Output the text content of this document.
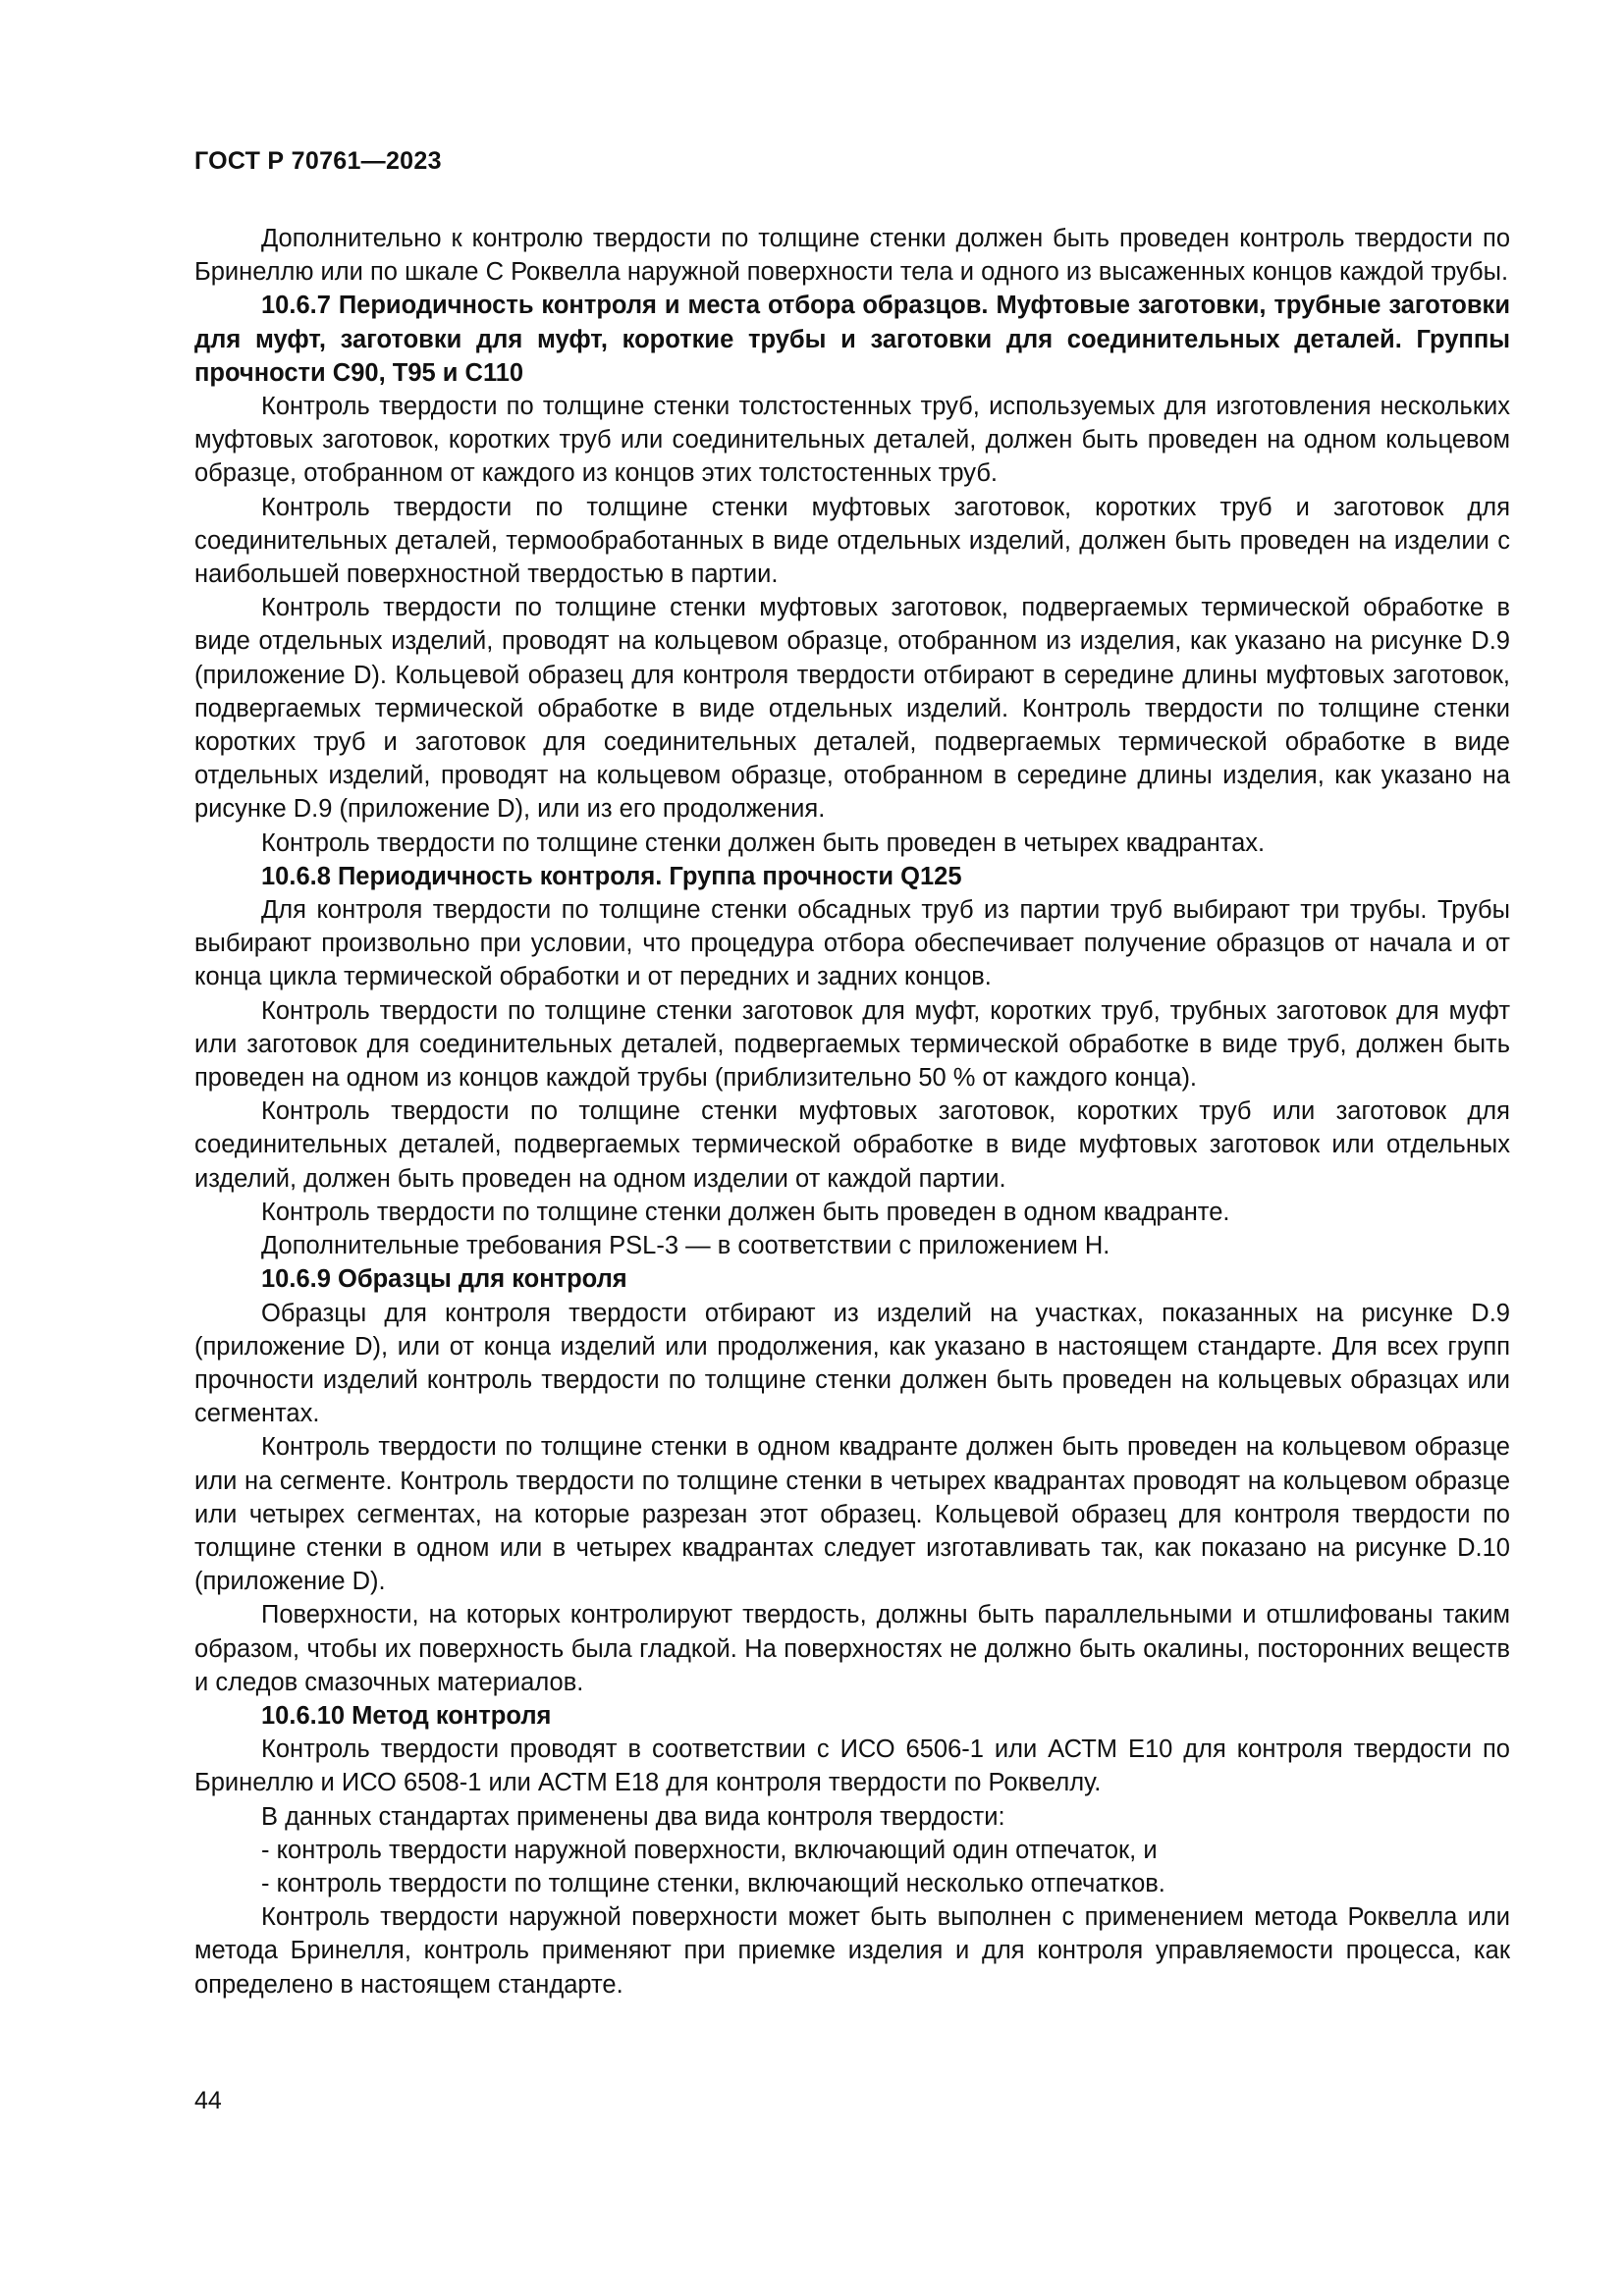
ГОСТ Р 70761—2023

Дополнительно к контролю твердости по толщине стенки должен быть проведен контроль твердости по Бринеллю или по шкале С Роквелла наружной поверхности тела и одного из высаженных концов каждой трубы.

10.6.7 Периодичность контроля и места отбора образцов. Муфтовые заготовки, трубные заготовки для муфт, заготовки для муфт, короткие трубы и заготовки для соединительных деталей. Группы прочности С90, Т95 и С110

Контроль твердости по толщине стенки толстостенных труб, используемых для изготовления нескольких муфтовых заготовок, коротких труб или соединительных деталей, должен быть проведен на одном кольцевом образце, отобранном от каждого из концов этих толстостенных труб.

Контроль твердости по толщине стенки муфтовых заготовок, коротких труб и заготовок для соединительных деталей, термообработанных в виде отдельных изделий, должен быть проведен на изделии с наибольшей поверхностной твердостью в партии.

Контроль твердости по толщине стенки муфтовых заготовок, подвергаемых термической обработке в виде отдельных изделий, проводят на кольцевом образце, отобранном из изделия, как указано на рисунке D.9 (приложение D). Кольцевой образец для контроля твердости отбирают в середине длины муфтовых заготовок, подвергаемых термической обработке в виде отдельных изделий. Контроль твердости по толщине стенки коротких труб и заготовок для соединительных деталей, подвергаемых термической обработке в виде отдельных изделий, проводят на кольцевом образце, отобранном в середине длины изделия, как указано на рисунке D.9 (приложение D), или из его продолжения.

Контроль твердости по толщине стенки должен быть проведен в четырех квадрантах.

10.6.8 Периодичность контроля. Группа прочности Q125

Для контроля твердости по толщине стенки обсадных труб из партии труб выбирают три трубы. Трубы выбирают произвольно при условии, что процедура отбора обеспечивает получение образцов от начала и от конца цикла термической обработки и от передних и задних концов.

Контроль твердости по толщине стенки заготовок для муфт, коротких труб, трубных заготовок для муфт или заготовок для соединительных деталей, подвергаемых термической обработке в виде труб, должен быть проведен на одном из концов каждой трубы (приблизительно 50 % от каждого конца).

Контроль твердости по толщине стенки муфтовых заготовок, коротких труб или заготовок для соединительных деталей, подвергаемых термической обработке в виде муфтовых заготовок или отдельных изделий, должен быть проведен на одном изделии от каждой партии.

Контроль твердости по толщине стенки должен быть проведен в одном квадранте.

Дополнительные требования PSL-3 — в соответствии с приложением Н.

10.6.9 Образцы для контроля

Образцы для контроля твердости отбирают из изделий на участках, показанных на рисунке D.9 (приложение D), или от конца изделий или продолжения, как указано в настоящем стандарте. Для всех групп прочности изделий контроль твердости по толщине стенки должен быть проведен на кольцевых образцах или сегментах.

Контроль твердости по толщине стенки в одном квадранте должен быть проведен на кольцевом образце или на сегменте. Контроль твердости по толщине стенки в четырех квадрантах проводят на кольцевом образце или четырех сегментах, на которые разрезан этот образец. Кольцевой образец для контроля твердости по толщине стенки в одном или в четырех квадрантах следует изготавливать так, как показано на рисунке D.10 (приложение D).

Поверхности, на которых контролируют твердость, должны быть параллельными и отшлифованы таким образом, чтобы их поверхность была гладкой. На поверхностях не должно быть окалины, посторонних веществ и следов смазочных материалов.

10.6.10 Метод контроля

Контроль твердости проводят в соответствии с ИСО 6506-1 или АСТМ Е10 для контроля твердости по Бринеллю и ИСО 6508-1 или АСТМ Е18 для контроля твердости по Роквеллу.

В данных стандартах применены два вида контроля твердости:

- контроль твердости наружной поверхности, включающий один отпечаток, и

- контроль твердости по толщине стенки, включающий несколько отпечатков.

Контроль твердости наружной поверхности может быть выполнен с применением метода Роквелла или метода Бринелля, контроль применяют при приемке изделия и для контроля управляемости процесса, как определено в настоящем стандарте.

44
